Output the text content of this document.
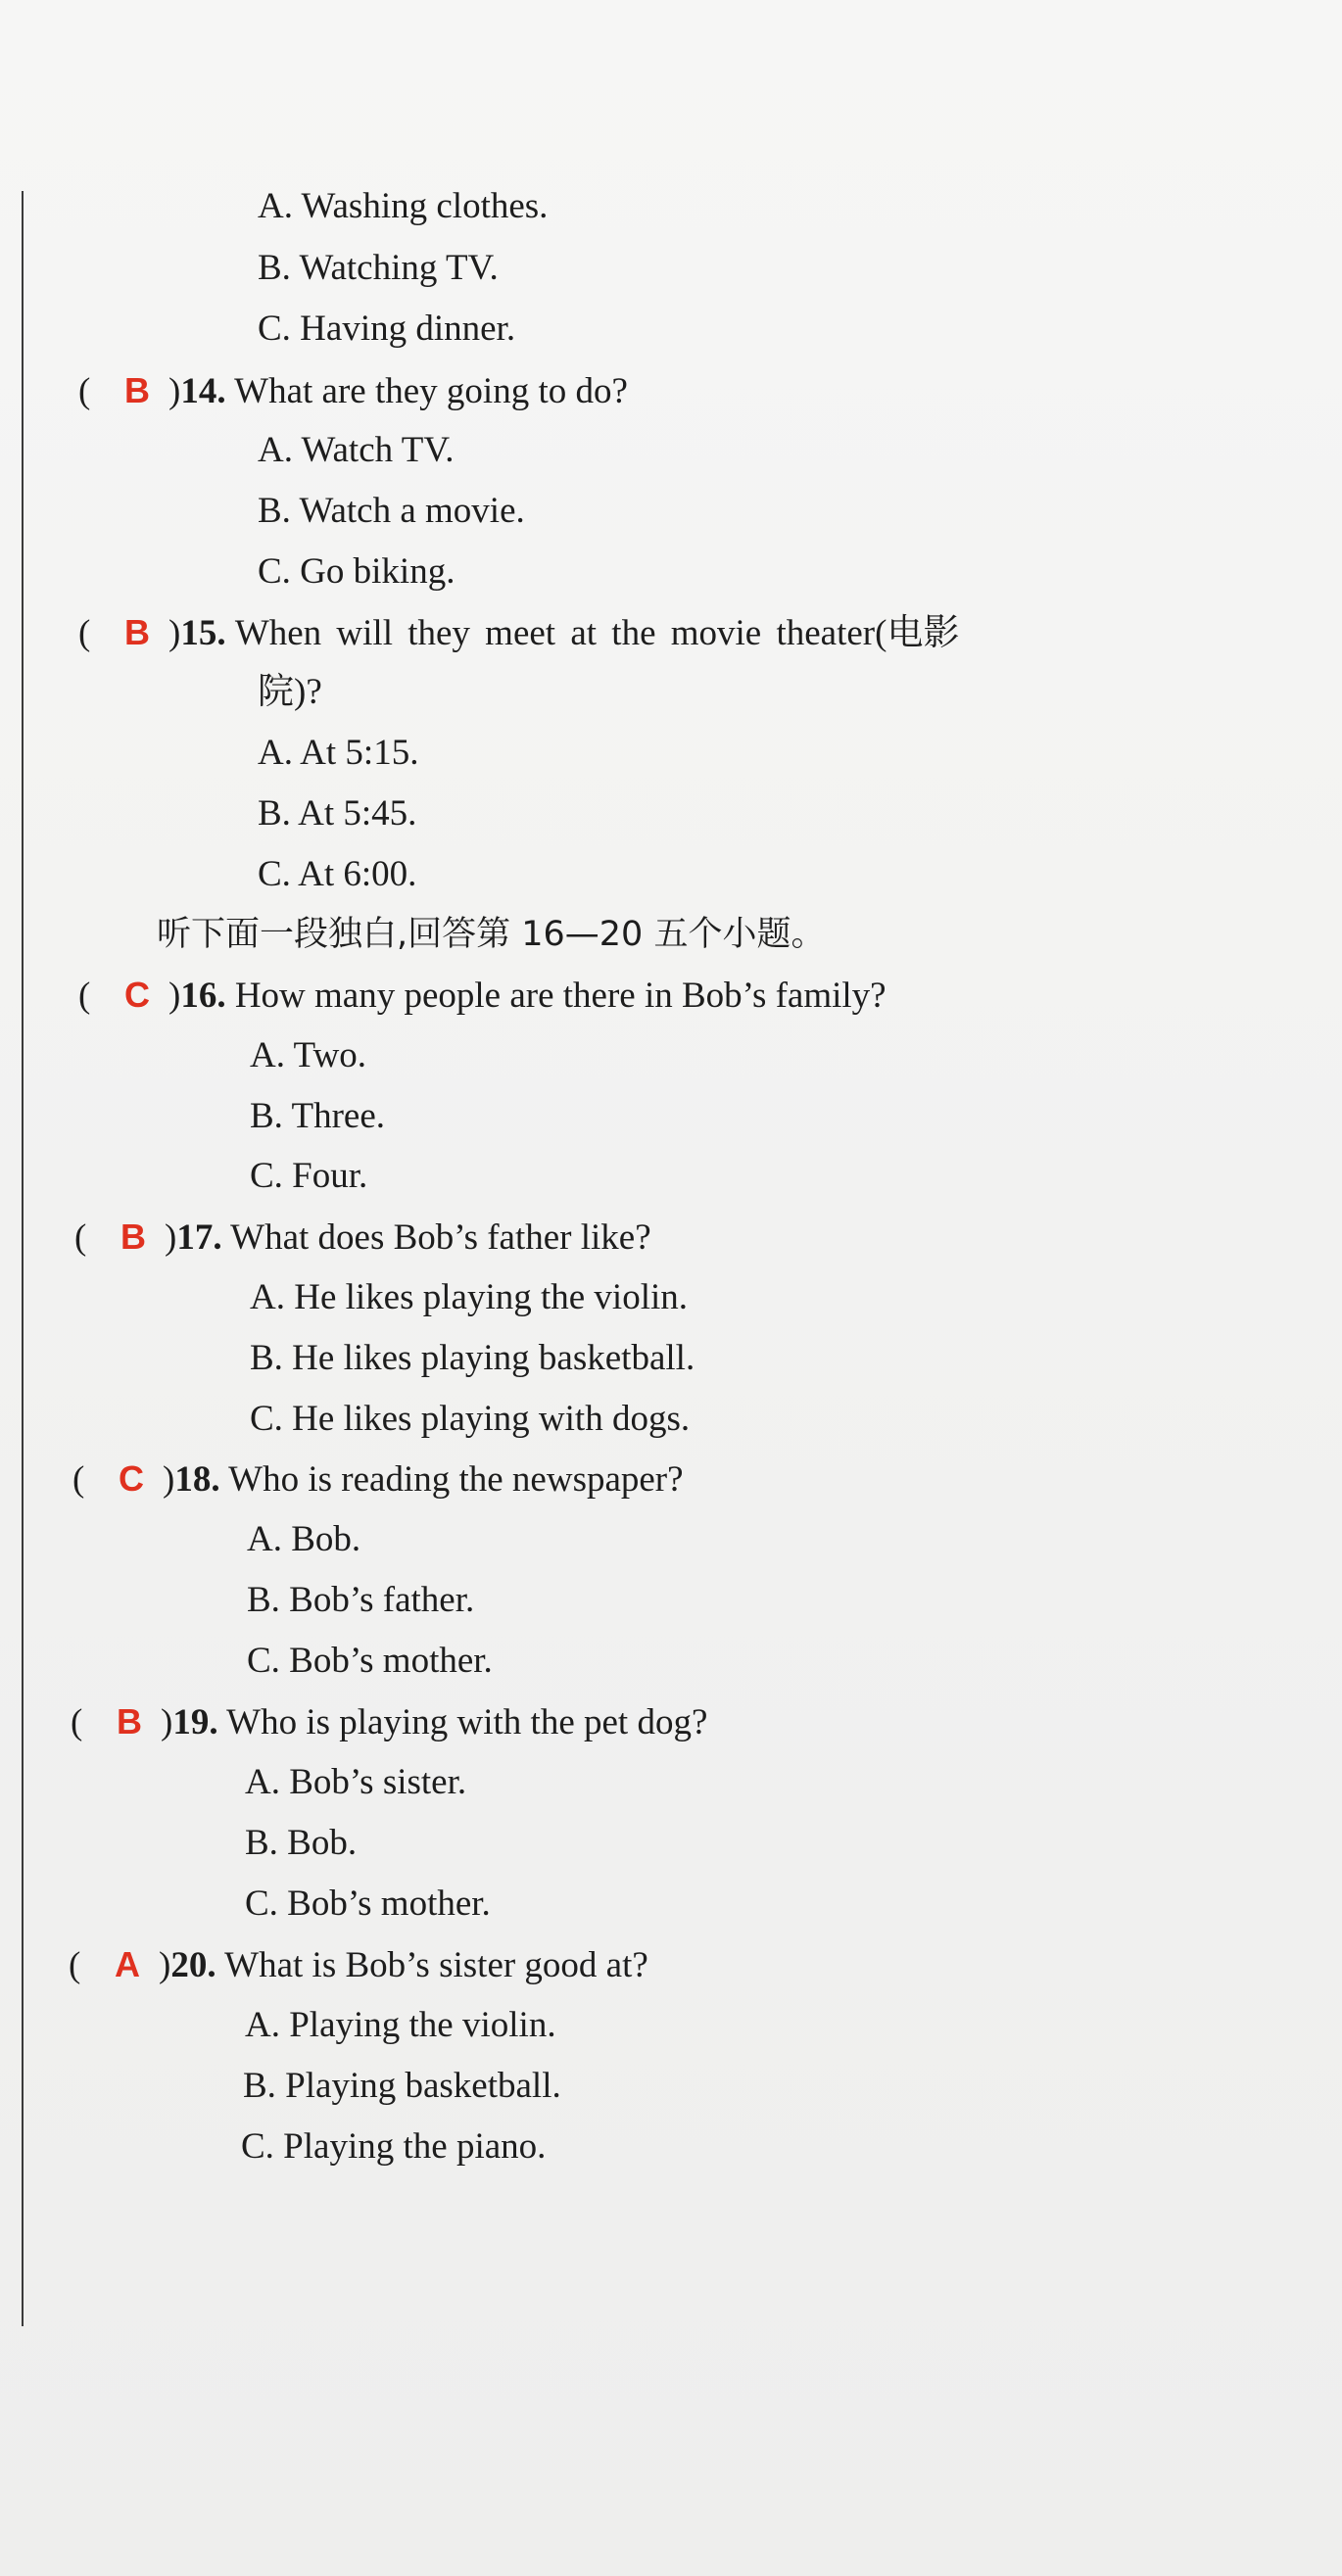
A. Washing clothes.
B. Watching TV.
C. Having dinner.
( B )14. What are they going to do?
A. Watch TV.
B. Watch a movie.
C. Go biking.
( B )15. When will they meet at the movie theater(电影
院)?
A. At 5:15.
B. At 5:45.
C. At 6:00.
听下面一段独白,回答第 16—20 五个小题。
( C )16. How many people are there in Bob’s family?
A. Two.
B. Three.
C. Four.
( B )17. What does Bob’s father like?
A. He likes playing the violin.
B. He likes playing basketball.
C. He likes playing with dogs.
( C )18. Who is reading the newspaper?
A. Bob.
B. Bob’s father.
C. Bob’s mother.
( B )19. Who is playing with the pet dog?
A. Bob’s sister.
B. Bob.
C. Bob’s mother.
( A )20. What is Bob’s sister good at?
A. Playing the violin.
B. Playing basketball.
C. Playing the piano.
